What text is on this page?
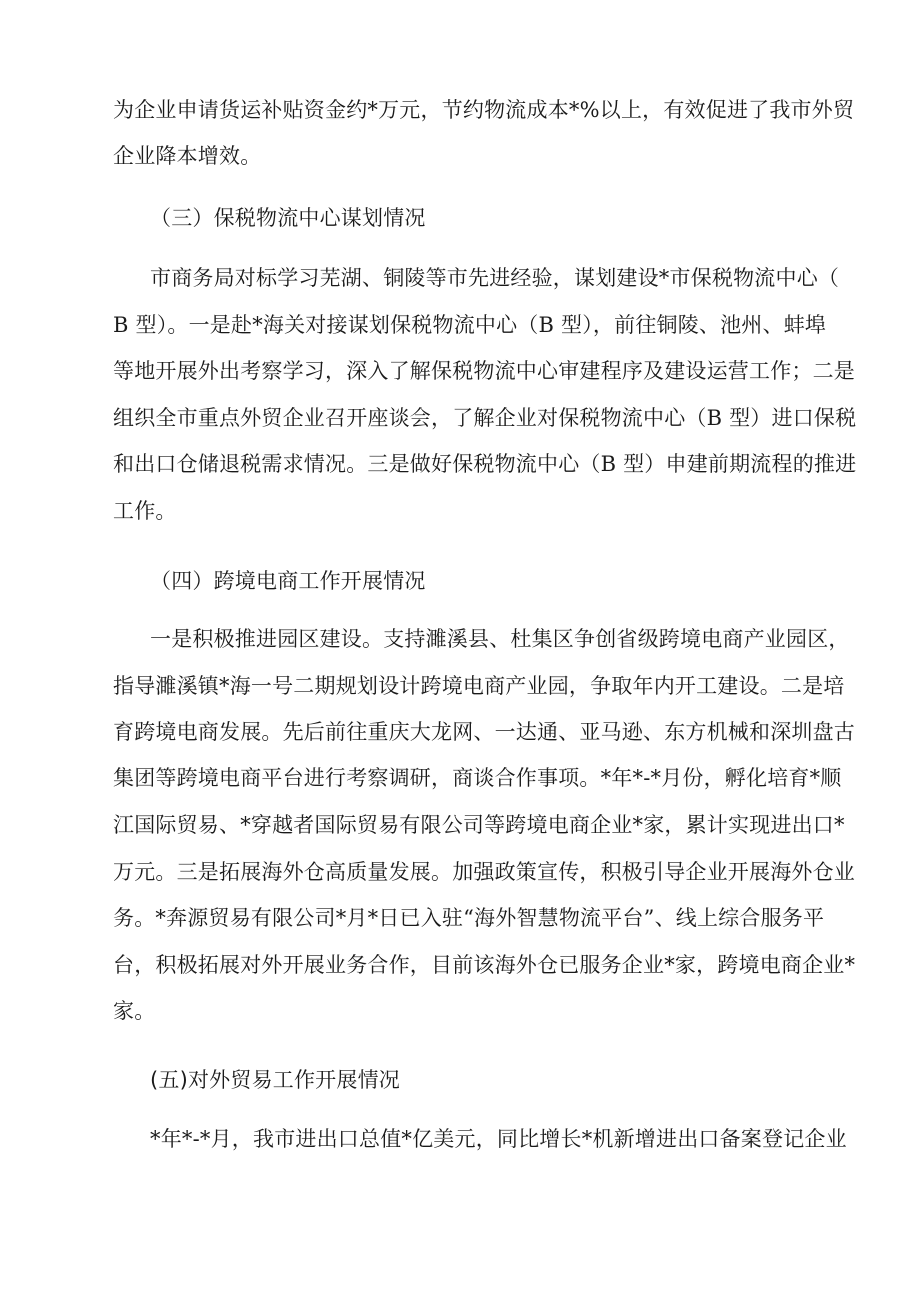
为企业申请货运补贴资金约*万元，节约物流成本*%以上，有效促进了我市外贸
企业降本增效。
（三）保税物流中心谋划情况
市商务局对标学习芜湖、铜陵等市先进经验，谋划建设*市保税物流中心（
B 型）。一是赴*海关对接谋划保税物流中心（B 型），前往铜陵、池州、蚌埠
等地开展外出考察学习，深入了解保税物流中心审建程序及建设运营工作；二是
组织全市重点外贸企业召开座谈会，了解企业对保税物流中心（B 型）进口保税
和出口仓储退税需求情况。三是做好保税物流中心（B 型）申建前期流程的推进
工作。
（四）跨境电商工作开展情况
一是积极推进园区建设。支持濉溪县、杜集区争创省级跨境电商产业园区，
指导濉溪镇*海一号二期规划设计跨境电商产业园，争取年内开工建设。二是培
育跨境电商发展。先后前往重庆大龙网、一达通、亚马逊、东方机械和深圳盘古
集团等跨境电商平台进行考察调研，商谈合作事项。*年*-*月份，孵化培育*顺
江国际贸易、*穿越者国际贸易有限公司等跨境电商企业*家，累计实现进出口*
万元。三是拓展海外仓高质量发展。加强政策宣传，积极引导企业开展海外仓业
务。*奔源贸易有限公司*月*日已入驻“海外智慧物流平台”、线上综合服务平
台，积极拓展对外开展业务合作，目前该海外仓已服务企业*家，跨境电商企业*
家。
(五)对外贸易工作开展情况
*年*-*月，我市进出口总值*亿美元，同比增长*机新增进出口备案登记企业
